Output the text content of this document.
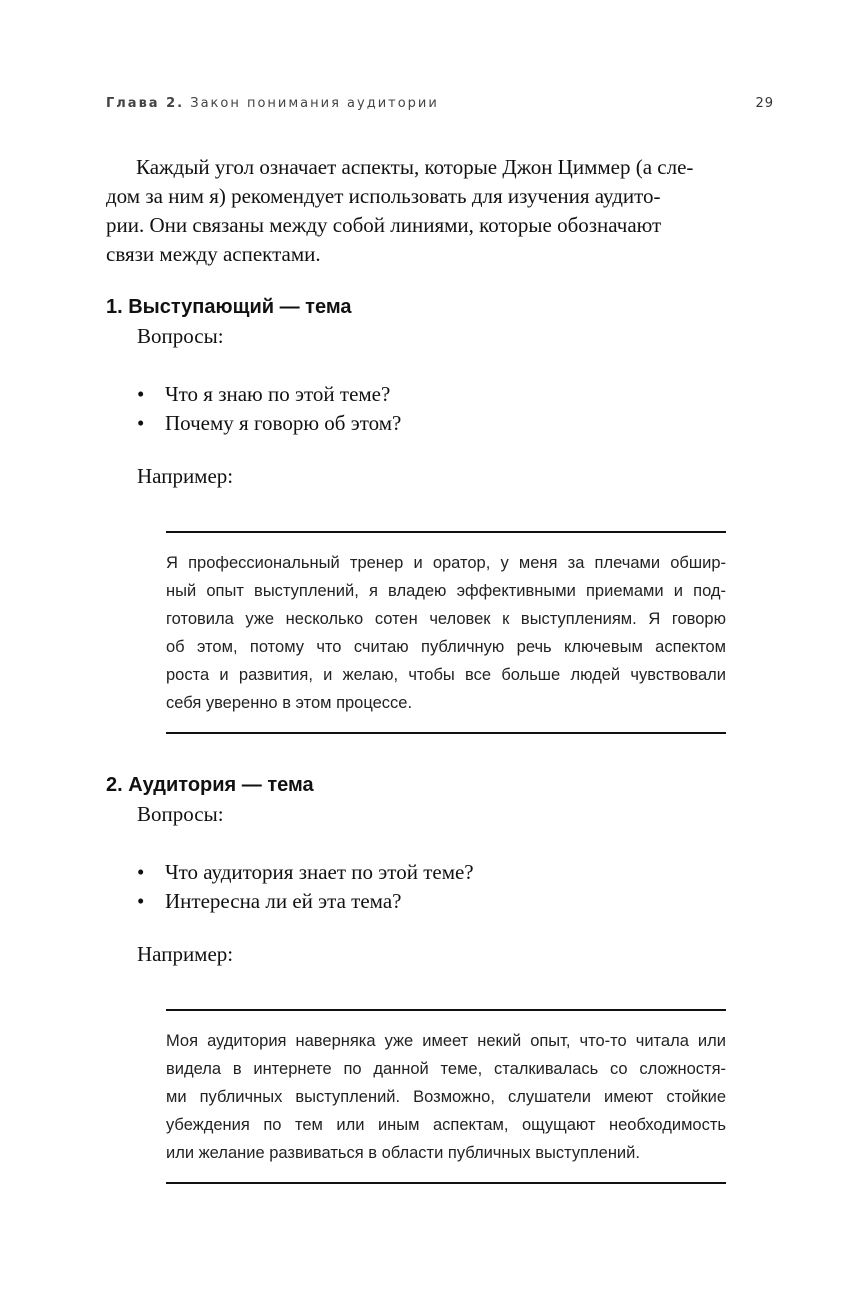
Глава 2. Закон понимания аудитории	29
Каждый угол означает аспекты, которые Джон Циммер (а сле-
дом за ним я) рекомендует использовать для изучения аудито-
рии. Они связаны между собой линиями, которые обозначают
связи между аспектами.
1. Выступающий — тема
Вопросы:
• Что я знаю по этой теме?
• Почему я говорю об этом?
Например:
Я профессиональный тренер и оратор, у меня за плечами обшир-
ный опыт выступлений, я владею эффективными приемами и под-
готовила уже несколько сотен человек к выступлениям. Я говорю
об этом, потому что считаю публичную речь ключевым аспектом
роста и развития, и желаю, чтобы все больше людей чувствовали
себя уверенно в этом процессе.
2. Аудитория — тема
Вопросы:
• Что аудитория знает по этой теме?
• Интересна ли ей эта тема?
Например:
Моя аудитория наверняка уже имеет некий опыт, что-то читала или
видела в интернете по данной теме, сталкивалась со сложностя-
ми публичных выступлений. Возможно, слушатели имеют стойкие
убеждения по тем или иным аспектам, ощущают необходимость
или желание развиваться в области публичных выступлений.
